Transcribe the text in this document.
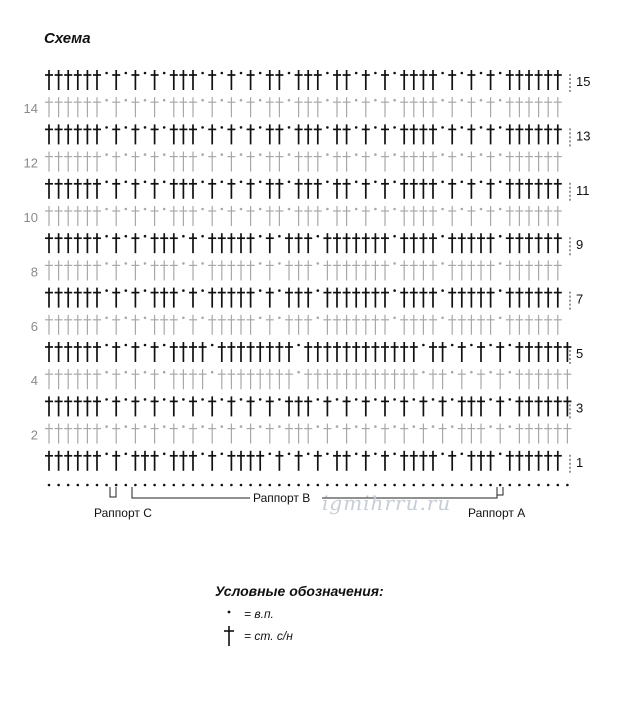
Схема
15
14
13
12
11
10
9
8
7
6
5
4
3
2
1
igmihrru.ru
Раппорт С
Раппорт В
Раппорт А
Условные обозначения:
= в.п.
= ст. с/н
